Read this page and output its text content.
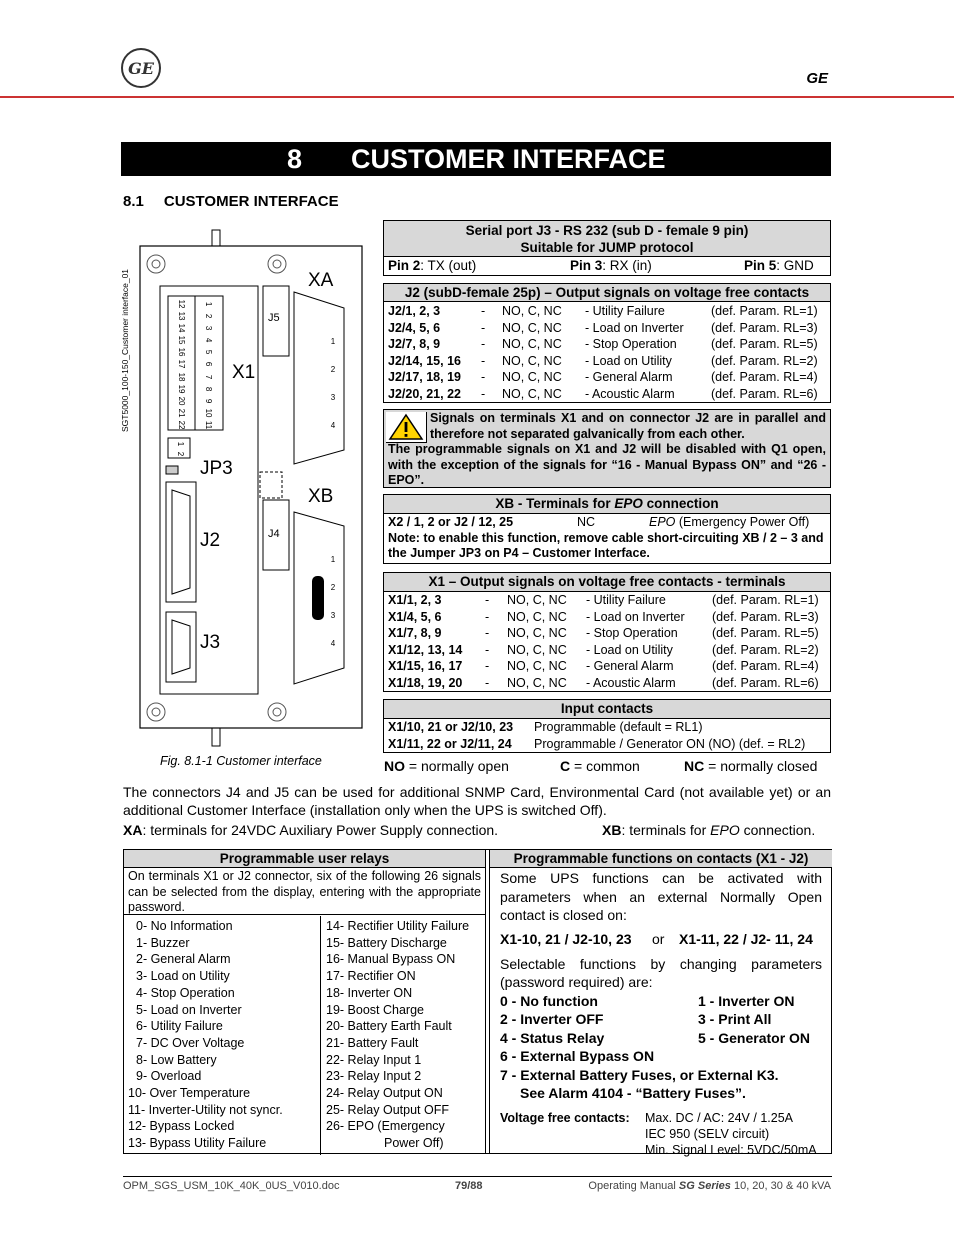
GE
GE
8 CUSTOMER INTERFACE
8.1 CUSTOMER INTERFACE
SGT5000_100-150_Customer interface_01	12
13
14
15
16
17
18
19
20
21
22
1
2
3
4
5
6
7
8
9
10
11
1
2
1
2
3
4
1
2
3
4
XA
X1
JP3
XB
J2
J3
J5
J4
Fig. 8.1-1 Customer interface
Serial port J3 - RS 232 (sub D - female 9 pin)
Suitable for JUMP protocol
Pin 2: TX (out)	Pin 3: RX (in)	Pin 5: GND
J2 (subD-female 25p) – Output signals on voltage free contacts
J2/1, 2, 3	- NO, C, NC - Utility Failure	(def. Param. RL=1)
J2/4, 5, 6	- NO, C, NC - Load on Inverter (def. Param. RL=3)
J2/7, 8, 9	- NO, C, NC - Stop Operation	(def. Param. RL=5)
J2/14, 15, 16 - NO, C, NC - Load on Utility	(def. Param. RL=2)
J2/17, 18, 19 - NO, C, NC - General Alarm	(def. Param. RL=4)
J2/20, 21, 22 - NO, C, NC - Acoustic Alarm	(def. Param. RL=6)
Signals on terminals X1 and on connector J2 are in parallel and therefore not separated galvanically from each other.
The programmable signals on X1 and J2 will be disabled with Q1 open, with the exception of the signals for “16 - Manual Bypass ON” and “26 - EPO”.
XB - Terminals for EPO connection
X2 / 1, 2 or J2 / 12, 25	NC	EPO (Emergency Power Off)
Note: to enable this function, remove cable short-circuiting XB / 2 – 3 and the Jumper JP3 on P4 – Customer Interface.
X1 – Output signals on voltage free contacts - terminals
X1/1, 2, 3	- NO, C, NC - Utility Failure	(def. Param. RL=1)
X1/4, 5, 6	- NO, C, NC - Load on Inverter (def. Param. RL=3)
X1/7, 8, 9	- NO, C, NC - Stop Operation	(def. Param. RL=5)
X1/12, 13, 14 - NO, C, NC - Load on Utility	(def. Param. RL=2)
X1/15, 16, 17 - NO, C, NC - General Alarm	(def. Param. RL=4)
X1/18, 19, 20 - NO, C, NC - Acoustic Alarm	(def. Param. RL=6)
Input contacts
X1/10, 21 or J2/10, 23 Programmable (default = RL1)
X1/11, 22 or J2/11, 24 Programmable / Generator ON (NO) (def. = RL2)
NO = normally open	C = common	NC = normally closed
The connectors J4 and J5 can be used for additional SNMP Card, Environmental Card (not available yet) or an additional Customer Interface (installation only when the UPS is switched Off).
XA: terminals for 24VDC Auxiliary Power Supply connection.	XB: terminals for EPO connection.
Programmable user relays
On terminals X1 or J2 connector, six of the following 26 signals can be selected from the display, entering with the appropriate password.
0- No Information
1- Buzzer
2- General Alarm
3- Load on Utility
4- Stop Operation
5- Load on Inverter
6- Utility Failure
7- DC Over Voltage
8- Low Battery
9- Overload
10- Over Temperature
11- Inverter-Utility not syncr.
12- Bypass Locked
13- Bypass Utility Failure
14- Rectifier Utility Failure
15- Battery Discharge
16- Manual Bypass ON
17- Rectifier ON
18- Inverter ON
19- Boost Charge
20- Battery Earth Fault
21- Battery Fault
22- Relay Input 1
23- Relay Input 2
24- Relay Output ON
25- Relay Output OFF
26- EPO (Emergency
Power Off)
Programmable functions on contacts (X1 - J2)
Some UPS functions can be activated with parameters when an external Normally Open contact is closed on:
X1-10, 21 / J2-10, 23 or X1-11, 22 / J2- 11, 24
Selectable functions by changing parameters (password required) are:
0 - No function	1 - Inverter ON
2 - Inverter OFF	3 - Print All
4 - Status Relay	5 - Generator ON
6 - External Bypass ON
7 - External Battery Fuses, or External K3.
See Alarm 4104 - “Battery Fuses”.
Voltage free contacts: Max. DC / AC: 24V / 1.25A
IEC 950 (SELV circuit)
Min. Signal Level: 5VDC/50mA
OPM_SGS_USM_10K_40K_0US_V010.doc	79/88	Operating Manual SG Series 10, 20, 30 & 40 kVA
